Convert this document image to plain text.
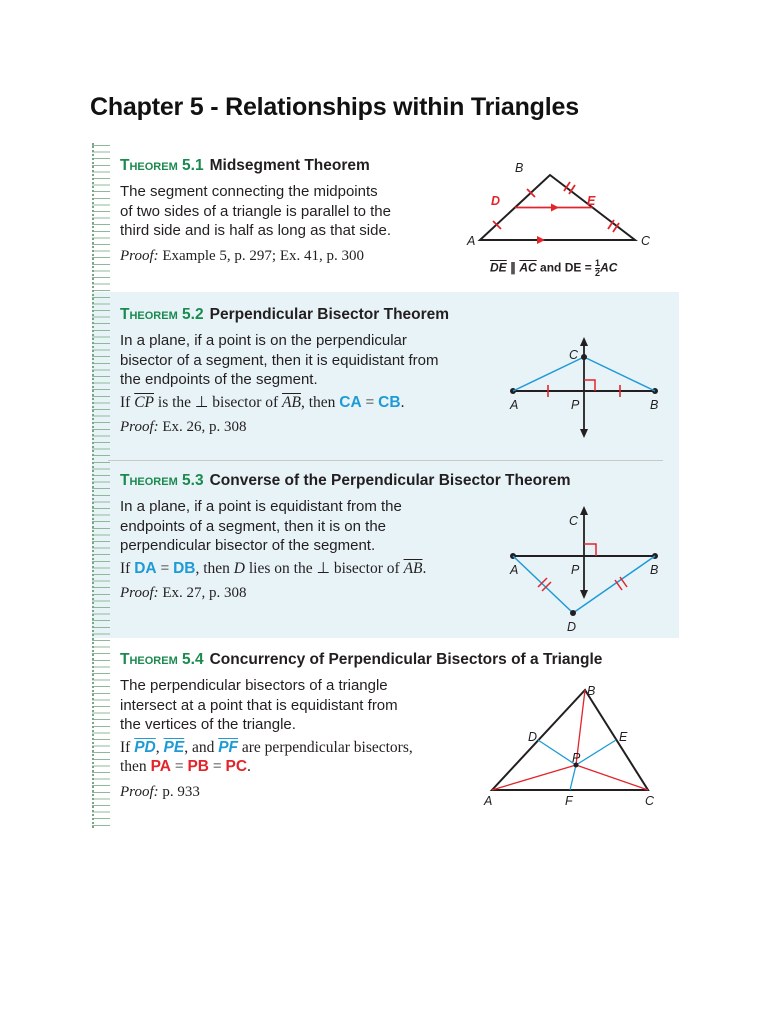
Chapter 5 - Relationships within Triangles
Theorem 5.1 Midsegment Theorem

The segment connecting the midpoints

of two sides of a triangle is parallel to the

third side and is half as long as that side.

Proof: Example 5, p. 297; Ex. 41, p. 300

A
B
C
D	E
$\overline{DE}$ ∥ $\overline{AC}$ and DE = $\frac{1}{2}$ AC
Theorem 5.2 Perpendicular Bisector Theorem

In a plane, if a point is on the perpendicular

bisector of a segment, then it is equidistant from

the endpoints of the segment.

If $\overline{CP}$ is the ⊥ bisector of $\overline{AB}$, then CA = CB.

Proof: Ex. 26, p. 308

A	B
C
P
Theorem 5.3 Converse of the Perpendicular Bisector Theorem

In a plane, if a point is equidistant from the

endpoints of a segment, then it is on the

perpendicular bisector of the segment.

If DA = DB, then D lies on the ⊥ bisector of $\overline{AB}$.

Proof: Ex. 27, p. 308

A	B
C
P
D
Theorem 5.4 Concurrency of Perpendicular Bisectors of a Triangle

The perpendicular bisectors of a triangle

intersect at a point that is equidistant from

the vertices of the triangle.

If $\overline{PD}$, $\overline{PE}$, and $\overline{PF}$ are perpendicular bisectors,

then PA = PB = PC.

Proof: p. 933

A
B
C
D	E
F
P
